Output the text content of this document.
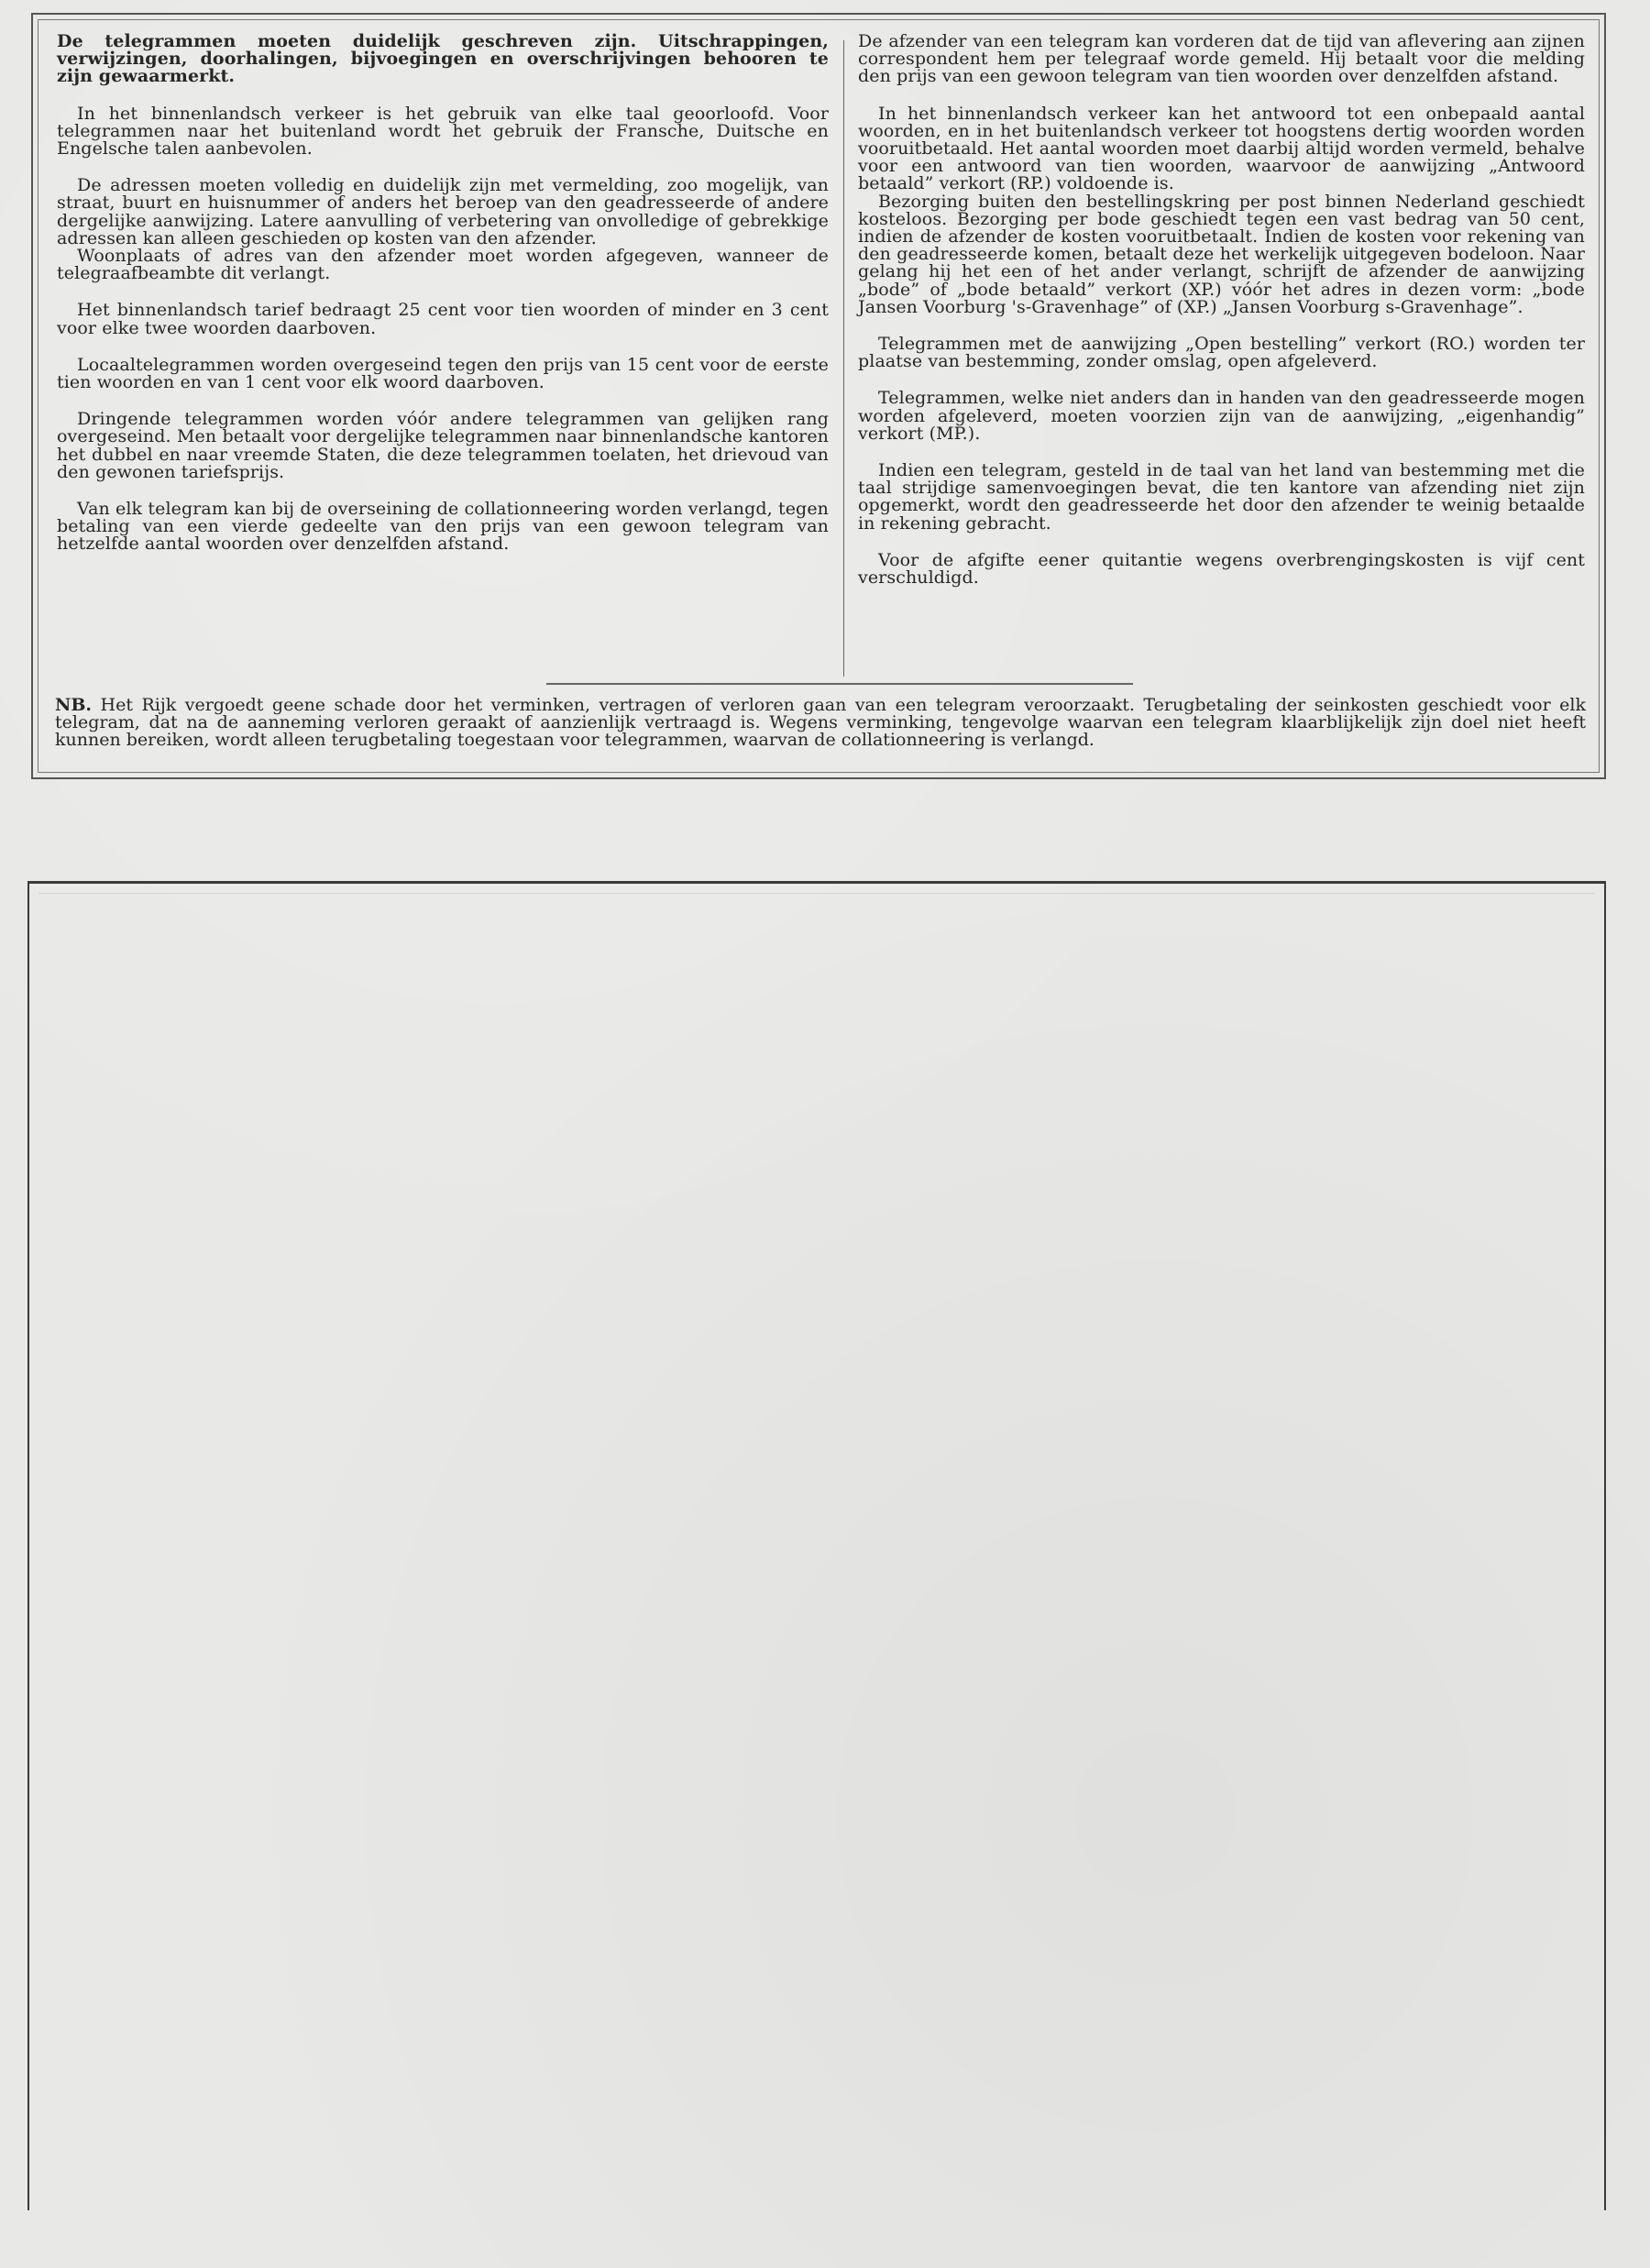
De telegrammen moeten duidelijk geschreven zijn. Uitschrappingen, verwijzingen, doorhalingen, bijvoegingen en overschrijvingen behooren te zijn gewaarmerkt.

In het binnenlandsch verkeer is het gebruik van elke taal geoorloofd. Voor telegrammen naar het buitenland wordt het gebruik der Fransche, Duitsche en Engelsche talen aanbevolen.

De adressen moeten volledig en duidelijk zijn met vermelding, zoo mogelijk, van straat, buurt en huisnummer of anders het beroep van den geadresseerde of andere dergelijke aanwijzing. Latere aanvulling of verbetering van onvolledige of gebrekkige adressen kan alleen geschieden op kosten van den afzender.

Woonplaats of adres van den afzender moet worden afgegeven, wanneer de telegraafbeambte dit verlangt.

Het binnenlandsch tarief bedraagt 25 cent voor tien woorden of minder en 3 cent voor elke twee woorden daarboven.

Locaaltelegrammen worden overgeseind tegen den prijs van 15 cent voor de eerste tien woorden en van 1 cent voor elk woord daarboven.

Dringende telegrammen worden vóór andere telegrammen van gelijken rang overgeseind. Men betaalt voor dergelijke telegrammen naar binnenlandsche kantoren het dubbel en naar vreemde Staten, die deze telegrammen toelaten, het drievoud van den gewonen tariefsprijs.

Van elk telegram kan bij de overseining de collationneering worden verlangd, tegen betaling van een vierde gedeelte van den prijs van een gewoon telegram van hetzelfde aantal woorden over denzelfden afstand.

De afzender van een telegram kan vorderen dat de tijd van aflevering aan zijnen correspondent hem per telegraaf worde gemeld. Hij betaalt voor die melding den prijs van een gewoon telegram van tien woorden over denzelfden afstand.

In het binnenlandsch verkeer kan het antwoord tot een onbepaald aantal woorden, en in het buitenlandsch verkeer tot hoogstens dertig woorden worden vooruitbetaald. Het aantal woorden moet daarbij altijd worden vermeld, behalve voor een antwoord van tien woorden, waarvoor de aanwijzing „Antwoord betaald” verkort (RP.) voldoende is.

Bezorging buiten den bestellingskring per post binnen Nederland geschiedt kosteloos. Bezorging per bode geschiedt tegen een vast bedrag van 50 cent, indien de afzender de kosten vooruitbetaalt. Indien de kosten voor rekening van den geadresseerde komen, betaalt deze het werkelijk uitgegeven bodeloon. Naar gelang hij het een of het ander verlangt, schrijft de afzender de aanwijzing „bode” of „bode betaald” verkort (XP.) vóór het adres in dezen vorm: „bode Jansen Voorburg 's-Gravenhage” of (XP.) „Jansen Voorburg s-Gravenhage”.

Telegrammen met de aanwijzing „Open bestelling” verkort (RO.) worden ter plaatse van bestemming, zonder omslag, open afgeleverd.

Telegrammen, welke niet anders dan in handen van den geadresseerde mogen worden afgeleverd, moeten voorzien zijn van de aanwijzing, „eigenhandig” verkort (MP.).

Indien een telegram, gesteld in de taal van het land van bestemming met die taal strijdige samenvoegingen bevat, die ten kantore van afzending niet zijn opgemerkt, wordt den geadresseerde het door den afzender te weinig betaalde in rekening gebracht.

Voor de afgifte eener quitantie wegens overbrengingskosten is vijf cent verschuldigd.

NB. Het Rijk vergoedt geene schade door het verminken, vertragen of verloren gaan van een telegram veroorzaakt. Terugbetaling der seinkosten geschiedt voor elk telegram, dat na de aanneming verloren geraakt of aanzienlijk vertraagd is. Wegens verminking, tengevolge waarvan een telegram klaarblijkelijk zijn doel niet heeft kunnen bereiken, wordt alleen terugbetaling toegestaan voor telegrammen, waarvan de collationneering is verlangd.
